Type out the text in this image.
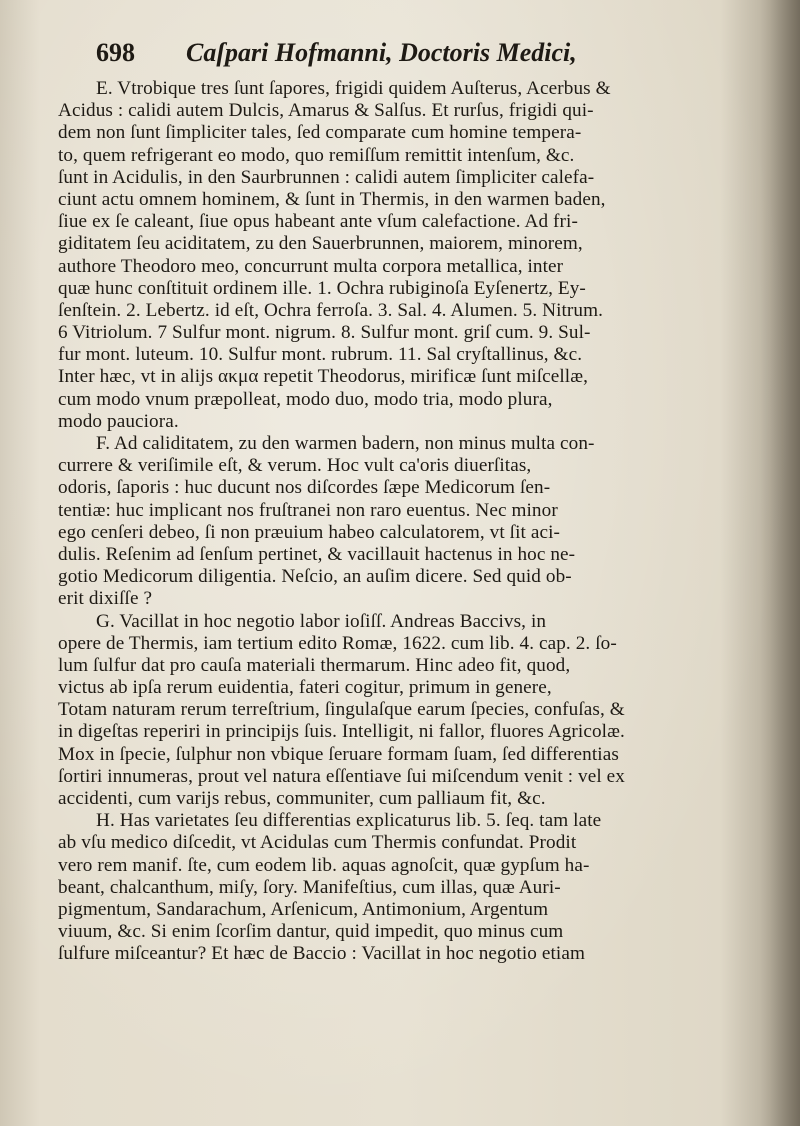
698	Caſpari Hofmanni, Doctoris Medici,
E. Vtrobique tres ſunt ſapores, frigidi quidem Auſterus, Acerbus &
Acidus : calidi autem Dulcis, Amarus & Salſus. Et rurſus, frigidi qui-
dem non ſunt ſimpliciter tales, ſed comparate cum homine tempera-
to, quem refrigerant eo modo, quo remiſſum remittit intenſum, &c.
ſunt in Acidulis, in den Saurbrunnen : calidi autem ſimpliciter calefa-
ciunt actu omnem hominem, & ſunt in Thermis, in den warmen baden,
ſiue ex ſe caleant, ſiue opus habeant ante vſum calefactione. Ad fri-
giditatem ſeu aciditatem, zu den Sauerbrunnen, maiorem, minorem,
authore Theodoro meo, concurrunt multa corpora metallica, inter
quæ hunc conſtituit ordinem ille. 1. Ochra rubiginoſa Eyſenertz, Ey-
ſenſtein. 2. Lebertz. id eſt, Ochra ferroſa. 3. Sal. 4. Alumen. 5. Nitrum.
6 Vitriolum. 7 Sulfur mont. nigrum. 8. Sulfur mont. griſ cum. 9. Sul-
fur mont. luteum. 10. Sulfur mont. rubrum. 11. Sal cryſtallinus, &c.
Inter hæc, vt in alijs ακμα repetit Theodorus, mirificæ ſunt miſcellæ,
cum modo vnum præpolleat, modo duo, modo tria, modo plura,
modo pauciora.
F. Ad caliditatem, zu den warmen badern, non minus multa con-
currere & veriſimile eſt, & verum. Hoc vult ca'oris diuerſitas,
odoris, ſaporis : huc ducunt nos diſcordes ſæpe Medicorum ſen-
tentiæ: huc implicant nos fruſtranei non raro euentus. Nec minor
ego cenſeri debeo, ſi non præuium habeo calculatorem, vt ſit aci-
dulis. Reſenim ad ſenſum pertinet, & vacillauit hactenus in hoc ne-
gotio Medicorum diligentia. Neſcio, an auſim dicere. Sed quid ob-
erit dixiſſe ?
G. Vacillat in hoc negotio labor ioſiſſ. Andreas Baccivs, in
opere de Thermis, iam tertium edito Romæ, 1622. cum lib. 4. cap. 2. ſo-
lum ſulfur dat pro cauſa materiali thermarum. Hinc adeo fit, quod,
victus ab ipſa rerum euidentia, fateri cogitur, primum in genere,
Totam naturam rerum terreſtrium, ſingulaſque earum ſpecies, confuſas, &
in digeſtas reperiri in principijs ſuis. Intelligit, ni fallor, fluores Agricolæ.
Mox in ſpecie, ſulphur non vbique ſeruare formam ſuam, ſed differentias
ſortiri innumeras, prout vel natura eſſentiave ſui miſcendum venit : vel ex
accidenti, cum varijs rebus, communiter, cum palliaum fit, &c.
H. Has varietates ſeu differentias explicaturus lib. 5. ſeq. tam late
ab vſu medico diſcedit, vt Acidulas cum Thermis confundat. Prodit
vero rem manif. ſte, cum eodem lib. aquas agnoſcit, quæ gypſum ha-
beant, chalcanthum, miſy, ſory. Manifeſtius, cum illas, quæ Auri-
pigmentum, Sandarachum, Arſenicum, Antimonium, Argentum
viuum, &c. Si enim ſcorſim dantur, quid impedit, quo minus cum
ſulfure miſceantur? Et hæc de Baccio : Vacillat in hoc negotio etiam
